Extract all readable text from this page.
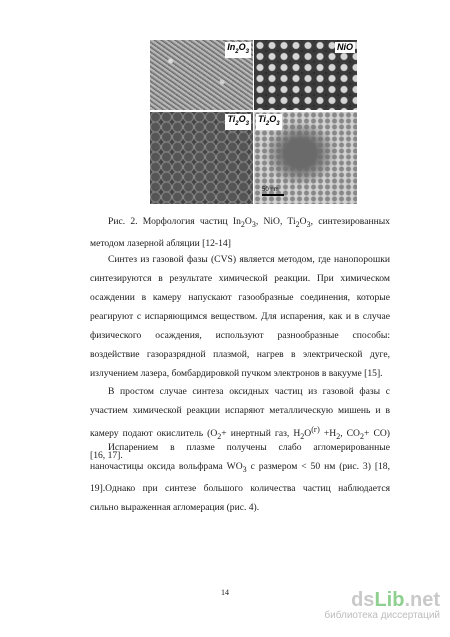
$In_2O_3$	NiO
$Ti_2O_3$ $Ti_2O_3$
50 nm

Рис. 2. Морфология частиц $In_2O_3$, NiO, $Ti_2O_3$, синтезированных методом лазерной абляции [12-14]

Синтез из газовой фазы (CVS) является методом, где нанопорошки синтезируются в результате химической реакции. При химическом осаждении в камеру напускают газообразные соединения, которые реагируют с испаряющимся веществом. Для испарения, как и в случае физического осаждения, используют разнообразные способы: воздействие газоразрядной плазмой, нагрев в электрической дуге, излучением лазера, бомбардировкой пучком электронов в вакууме [15].

В простом случае синтеза оксидных частиц из газовой фазы с участием химической реакции испаряют металлическую мишень и в камеру подают окислитель ($O_2+$ инертный газ, $H_2O^{(г)} +H_2$, $CO_2+ CO$) [16, 17].

Испарением в плазме получены слабо агломерированные наночастицы оксида вольфрама $WO_3$ с размером < 50 нм (рис. 3) [18, 19].Однако при синтезе большого количества частиц наблюдается сильно выраженная агломерация (рис. 4).

14	dsLib.net
библиотека диссертаций
